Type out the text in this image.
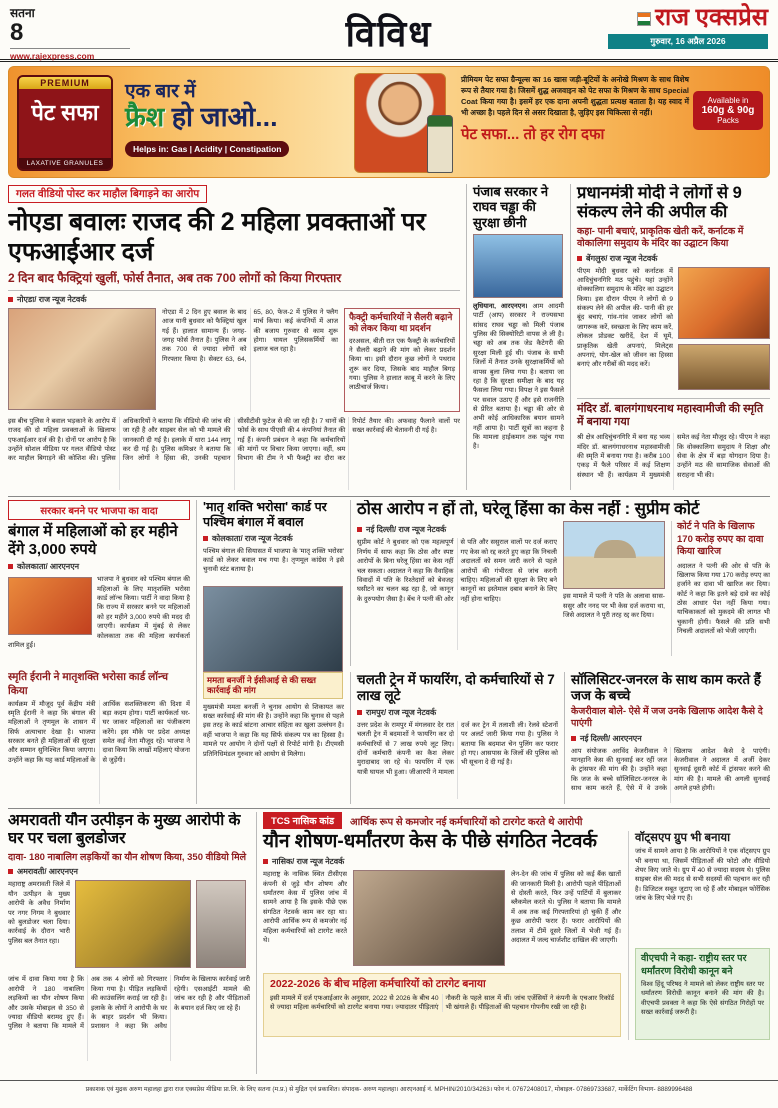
सतना
8
www.rajexpress.com
विविध	राज एक्सप्रेस
गुरुवार, 16 अप्रैल 2026
PREMIUM
पेट सफा
LAXATIVE GRANULES
एक बार में
फ्रैश हो जाओ...
Helps in: Gas | Acidity | Constipation

प्रीमियम पेट सफा ग्रैन्यूल्स का 16 खास जड़ी-बूटियों के अनोखे मिश्रण के साथ विशेष रूप से तैयार गया है। जिसमें शुद्ध अजवाइन को पेट सफा के मिश्रण के साथ Special Coat किया गया है। इसमें हर एक दाना अपनी शुद्धता प्रत्यक्ष बताता है। यह स्वाद में भी अच्छा है। पहले दिन से असर दिखाता है, जुड़िए इस चिकित्सा से नहीं।

पेट सफा... तो हर रोग दफा
Available in
160g & 90g
Packs
गलत वीडियो पोस्ट कर माहौल बिगाड़ने का आरोप
नोएडा बवालः राजद की 2 महिला प्रवक्ताओं पर एफआईआर दर्ज
2 दिन बाद फैक्ट्रियां खुलीं, फोर्स तैनात, अब तक 700 लोगों को किया गिरफ्तार
नोएडा/ राज न्यूज नेटवर्क

नोएडा में 2 दिन हुए बवाल के बाद आज यानी बुधवार को फैक्ट्रियां खुल गई हैं। हालात सामान्य हैं। जगह-जगह फोर्स तैनात है। पुलिस ने अब तक 700 से ज्यादा लोगों को गिरफ्तार किया है। सेक्टर 63, 64, 65, 80, फेज-2 में पुलिस ने फ्लैग मार्च किया। कई कंपनियों में आज की बजाय गुरुवार से काम शुरू होगा। घायल पुलिसकर्मियों का इलाज चल रहा है।

फैक्ट्री कर्मचारियों ने सैलरी बढ़ाने को लेकर किया था प्रदर्शन

दरअसल, बीती रात एक फैक्ट्री के कर्मचारियों ने सैलरी बढ़ाने की मांग को लेकर प्रदर्शन किया था। इसी दौरान कुछ लोगों ने पथराव शुरू कर दिया, जिसके बाद माहौल बिगड़ गया। पुलिस ने हालात काबू में करने के लिए लाठीचार्ज किया।

इस बीच पुलिस ने बवाल भड़काने के आरोप में राजद की दो महिला प्रवक्ताओं के खिलाफ एफआईआर दर्ज की है। दोनों पर आरोप है कि उन्होंने सोशल मीडिया पर गलत वीडियो पोस्ट कर माहौल बिगाड़ने की कोशिश की। पुलिस अधिकारियों ने बताया कि वीडियो की जांच की जा रही है और साइबर सेल को भी मामले की जानकारी दी गई है। इलाके में धारा 144 लागू कर दी गई है। पुलिस कमिश्नर ने बताया कि जिन लोगों ने हिंसा की, उनकी पहचान सीसीटीवी फुटेज से की जा रही है। 7 थानों की फोर्स के साथ पीएसी की 4 कंपनियां तैनात की गई हैं। कंपनी प्रबंधन ने कहा कि कर्मचारियों की मांगों पर विचार किया जाएगा। वहीं, श्रम विभाग की टीम ने भी फैक्ट्री का दौरा कर रिपोर्ट तैयार की। अफवाह फैलाने वालों पर सख्त कार्रवाई की चेतावनी दी गई है।

पंजाब सरकार ने राघव चड्ढा की सुरक्षा छीनी

लुधियाना, आरएनएन। आम आदमी पार्टी (आप) सरकार ने राज्यसभा सांसद राघव चड्ढा को मिली पंजाब पुलिस की सिक्योरिटी वापस ले ली है। चड्ढा को अब तक जेड कैटेगरी की सुरक्षा मिली हुई थी। पंजाब के सभी जिलों में तैनात उनके सुरक्षाकर्मियों को वापस बुला लिया गया है। बताया जा रहा है कि सुरक्षा समीक्षा के बाद यह फैसला लिया गया। विपक्ष ने इस फैसले पर सवाल उठाए हैं और इसे राजनीति से प्रेरित बताया है। चड्ढा की ओर से अभी कोई आधिकारिक बयान सामने नहीं आया है। पार्टी सूत्रों का कहना है कि मामला हाईकमान तक पहुंच गया है।

प्रधानमंत्री मोदी ने लोगों से 9 संकल्प लेने की अपील की
कहा- पानी बचाएं, प्राकृतिक खेती करें, कर्नाटक में वोकालिगा समुदाय के मंदिर का उद्घाटन किया
बेंगलुरु/ राज न्यूज नेटवर्क

पीएम मोदी बुधवार को कर्नाटक में आदिचुंचनगिरि मठ पहुंचे। यहां उन्होंने वोक्कालिगा समुदाय के मंदिर का उद्घाटन किया। इस दौरान पीएम ने लोगों से 9 संकल्प लेने की अपील की- पानी की हर बूंद बचाएं, गांव-गांव जाकर लोगों को जागरूक करें, स्वच्छता के लिए काम करें, लोकल प्रोडक्ट खरीदें, देश में घूमें, प्राकृतिक खेती अपनाएं, मिलेट्स अपनाएं, योग-खेल को जीवन का हिस्सा बनाएं और गरीबों की मदद करें।

मंदिर डॉ. बालगंगाधरनाथ महास्वामीजी की स्मृति में बनाया गया

श्री क्षेत्र आदिचुंचनगिरि में बना यह भव्य मंदिर डॉ. बालगंगाधरनाथ महास्वामीजी की स्मृति में बनाया गया है। करीब 100 एकड़ में फैले परिसर में कई शिक्षण संस्थान भी हैं। कार्यक्रम में मुख्यमंत्री समेत कई नेता मौजूद रहे। पीएम ने कहा कि वोक्कालिगा समुदाय ने शिक्षा और सेवा के क्षेत्र में बड़ा योगदान दिया है। उन्होंने मठ की सामाजिक सेवाओं की सराहना भी की।

सरकार बनने पर भाजपा का वादा
बंगाल में महिलाओं को हर महीने देंगे 3,000 रुपये
कोलकाता/ आरएनएन

भाजपा ने बुधवार को पश्चिम बंगाल की महिलाओं के लिए मातृशक्ति भरोसा कार्ड लॉन्च किया। पार्टी ने वादा किया है कि राज्य में सरकार बनने पर महिलाओं को हर महीने 3,000 रुपये की मदद दी जाएगी। कार्यक्रम में मुंबई से लेकर कोलकाता तक की महिला कार्यकर्ता शामिल हुईं।

स्मृति ईरानी ने मातृशक्ति भरोसा कार्ड लॉन्च किया

कार्यक्रम में मौजूद पूर्व केंद्रीय मंत्री स्मृति ईरानी ने कहा कि बंगाल की महिलाओं ने तृणमूल के शासन में सिर्फ अत्याचार देखा है। भाजपा सरकार बनते ही महिलाओं की सुरक्षा और सम्मान सुनिश्चित किया जाएगा। उन्होंने कहा कि यह कार्ड महिलाओं के आर्थिक सशक्तिकरण की दिशा में बड़ा कदम होगा। पार्टी कार्यकर्ता घर-घर जाकर महिलाओं का पंजीकरण करेंगे। इस मौके पर प्रदेश अध्यक्ष समेत कई नेता मौजूद रहे। भाजपा ने दावा किया कि लाखों महिलाएं योजना से जुड़ेंगी।

'मातृ शक्ति भरोसा' कार्ड पर पश्चिम बंगाल में बवाल
कोलकाता/ राज न्यूज नेटवर्क

पश्चिम बंगाल की सियासत में भाजपा के 'मातृ शक्ति भरोसा' कार्ड को लेकर बवाल मच गया है। तृणमूल कांग्रेस ने इसे चुनावी स्टंट बताया है।

ममता बनर्जी ने ईसीआई से की सख्त कार्रवाई की मांग

मुख्यमंत्री ममता बनर्जी ने चुनाव आयोग से शिकायत कर सख्त कार्रवाई की मांग की है। उन्होंने कहा कि चुनाव से पहले इस तरह के कार्ड बांटना आचार संहिता का खुला उल्लंघन है। वहीं भाजपा ने कहा कि यह सिर्फ संकल्प पत्र का हिस्सा है। मामले पर आयोग ने दोनों पक्षों से रिपोर्ट मांगी है। टीएमसी प्रतिनिधिमंडल गुरुवार को आयोग से मिलेगा।

ठोस आरोप न हों तो, घरेलू हिंसा का केस नहीं : सुप्रीम कोर्ट
नई दिल्ली/ राज न्यूज नेटवर्क

सुप्रीम कोर्ट ने बुधवार को एक महत्वपूर्ण निर्णय में साफ कहा कि ठोस और स्पष्ट आरोपों के बिना घरेलू हिंसा का केस नहीं चल सकता। अदालत ने कहा कि वैवाहिक विवादों में पति के रिश्तेदारों को बेवजह घसीटने का चलन बढ़ रहा है, जो कानून के दुरुपयोग जैसा है। बेंच ने पत्नी की ओर से पति और ससुराल वालों पर दर्ज कराए गए केस को रद्द करते हुए कहा कि निचली अदालतों को समन जारी करने से पहले आरोपों की गंभीरता से जांच करनी चाहिए। महिलाओं की सुरक्षा के लिए बने कानूनों का इस्तेमाल दबाव बनाने के लिए नहीं होना चाहिए।	इस मामले में पत्नी ने पति के अलावा सास-ससुर और ननद पर भी केस दर्ज कराया था, जिसे अदालत ने पूरी तरह रद्द कर दिया।

कोर्ट ने पति के खिलाफ 170 करोड़ रुपए का दावा किया खारिज

अदालत ने पत्नी की ओर से पति के खिलाफ किया गया 170 करोड़ रुपए का हर्जाने का दावा भी खारिज कर दिया। कोर्ट ने कहा कि इतने बड़े दावे का कोई ठोस आधार पेश नहीं किया गया। याचिकाकर्ता को मुकदमे की लागत भी चुकानी होगी। फैसले की प्रति सभी निचली अदालतों को भेजी जाएगी।

चलती ट्रेन में फायरिंग, दो कर्मचारियों से 7 लाख लूटे
रामपुर/ राज न्यूज नेटवर्क

उत्तर प्रदेश के रामपुर में मंगलवार देर रात चलती ट्रेन में बदमाशों ने फायरिंग कर दो कर्मचारियों से 7 लाख रुपये लूट लिए। दोनों कर्मचारी कंपनी का कैश लेकर मुरादाबाद जा रहे थे। फायरिंग में एक यात्री घायल भी हुआ। जीआरपी ने मामला दर्ज कर ट्रेन में तलाशी ली। रेलवे स्टेशनों पर अलर्ट जारी किया गया है। पुलिस ने बताया कि बदमाश चेन पुलिंग कर फरार हो गए। आसपास के जिलों की पुलिस को भी सूचना दे दी गई है।

सॉलिसिटर-जनरल के साथ काम करते हैं जज के बच्चे
केजरीवाल बोले- ऐसे में जज उनके खिलाफ आदेश कैसे दे पाएंगी
नई दिल्ली/ आरएनएन

आप संयोजक अरविंद केजरीवाल ने मानहानि केस की सुनवाई कर रहीं जज के ट्रांसफर की मांग की है। उन्होंने कहा कि जज के बच्चे सॉलिसिटर-जनरल के साथ काम करते हैं, ऐसे में वे उनके खिलाफ आदेश कैसे दे पाएंगी। केजरीवाल ने अदालत में अर्जी देकर सुनवाई दूसरी कोर्ट में ट्रांसफर करने की मांग की है। मामले की अगली सुनवाई अगले हफ्ते होगी।

अमरावती यौन उत्पीड़न के मुख्य आरोपी के घर पर चला बुलडोजर
दावा- 180 नाबालिग लड़कियों का यौन शोषण किया, 350 वीडियो मिले
अमरावती/ आरएनएन

महाराष्ट्र अमरावती जिले में यौन उत्पीड़न के मुख्य आरोपी के अवैध निर्माण पर नगर निगम ने बुधवार को बुलडोजर चला दिया। कार्रवाई के दौरान भारी पुलिस बल तैनात रहा।

जांच में दावा किया गया है कि आरोपी ने 180 नाबालिग लड़कियों का यौन शोषण किया और उसके मोबाइल से 350 से ज्यादा वीडियो बरामद हुए हैं। पुलिस ने बताया कि मामले में अब तक 4 लोगों को गिरफ्तार किया गया है। पीड़ित लड़कियों की काउंसलिंग कराई जा रही है। इलाके के लोगों ने आरोपी के घर के बाहर प्रदर्शन भी किया। प्रशासन ने कहा कि अवैध निर्माण के खिलाफ कार्रवाई जारी रहेगी। एसआईटी मामले की जांच कर रही है और पीड़िताओं के बयान दर्ज किए जा रहे हैं।

TCS नासिक कांड	आर्थिक रूप से कमजोर नई कर्मचारियों को टारगेट करते थे आरोपी
यौन शोषण-धर्मांतरण केस के पीछे संगठित नेटवर्क
नासिक/ राज न्यूज नेटवर्क

महाराष्ट्र के नासिक स्थित टीसीएस कंपनी से जुड़े यौन शोषण और धर्मांतरण केस में पुलिस जांच में सामने आया है कि इसके पीछे एक संगठित नेटवर्क काम कर रहा था। आरोपी आर्थिक रूप से कमजोर नई महिला कर्मचारियों को टारगेट करते थे।

लेन-देन की जांच में पुलिस को कई बैंक खातों की जानकारी मिली है। आरोपी पहले पीड़िताओं से दोस्ती करते, फिर उन्हें पार्टियों में बुलाकर ब्लैकमेल करते थे। पुलिस ने बताया कि मामले में अब तक कई गिरफ्तारियां हो चुकी हैं और कुछ आरोपी फरार हैं। फरार आरोपियों की तलाश में टीमें दूसरे जिलों में भेजी गई हैं। अदालत में जल्द चार्जशीट दाखिल की जाएगी।

2022-2026 के बीच महिला कर्मचारियों को टारगेट बनाया

इसी मामले में दर्ज एफआईआर के अनुसार, 2022 से 2026 के बीच 40 से ज्यादा महिला कर्मचारियों को टारगेट बनाया गया। ज्यादातर पीड़िताएं नौकरी के पहले साल में थीं। जांच एजेंसियों ने कंपनी के एचआर रिकॉर्ड भी खंगाले हैं। पीड़िताओं की पहचान गोपनीय रखी जा रही है।

वॉट्सएप ग्रुप भी बनाया

जांच में सामने आया है कि आरोपियों ने एक वॉट्सएप ग्रुप भी बनाया था, जिसमें पीड़िताओं की फोटो और वीडियो शेयर किए जाते थे। ग्रुप में 40 से ज्यादा सदस्य थे। पुलिस साइबर सेल की मदद से सभी सदस्यों की पहचान कर रही है। डिजिटल सबूत जुटाए जा रहे हैं और मोबाइल फोरेंसिक जांच के लिए भेजे गए हैं।

वीएचपी ने कहा- राष्ट्रीय स्तर पर धर्मांतरण विरोधी कानून बने

विश्व हिंदू परिषद ने मामले को लेकर राष्ट्रीय स्तर पर धर्मांतरण विरोधी कानून बनाने की मांग की है। वीएचपी प्रवक्ता ने कहा कि ऐसे संगठित गिरोहों पर सख्त कार्रवाई जरूरी है।

प्रकाशक एवं मुद्रक अरुण महालहा द्वारा राज एक्सप्रेस मीडिया प्रा.लि. के लिए सतना (म.प्र.) से मुद्रित एवं प्रकाशित। संपादक- अरुण महालहा। आरएनआई नं. MPHIN/2010/34263। फोन नं. 07672408017, मोबाइल- 07869733687, मार्केटिंग विभाग- 8889996488
